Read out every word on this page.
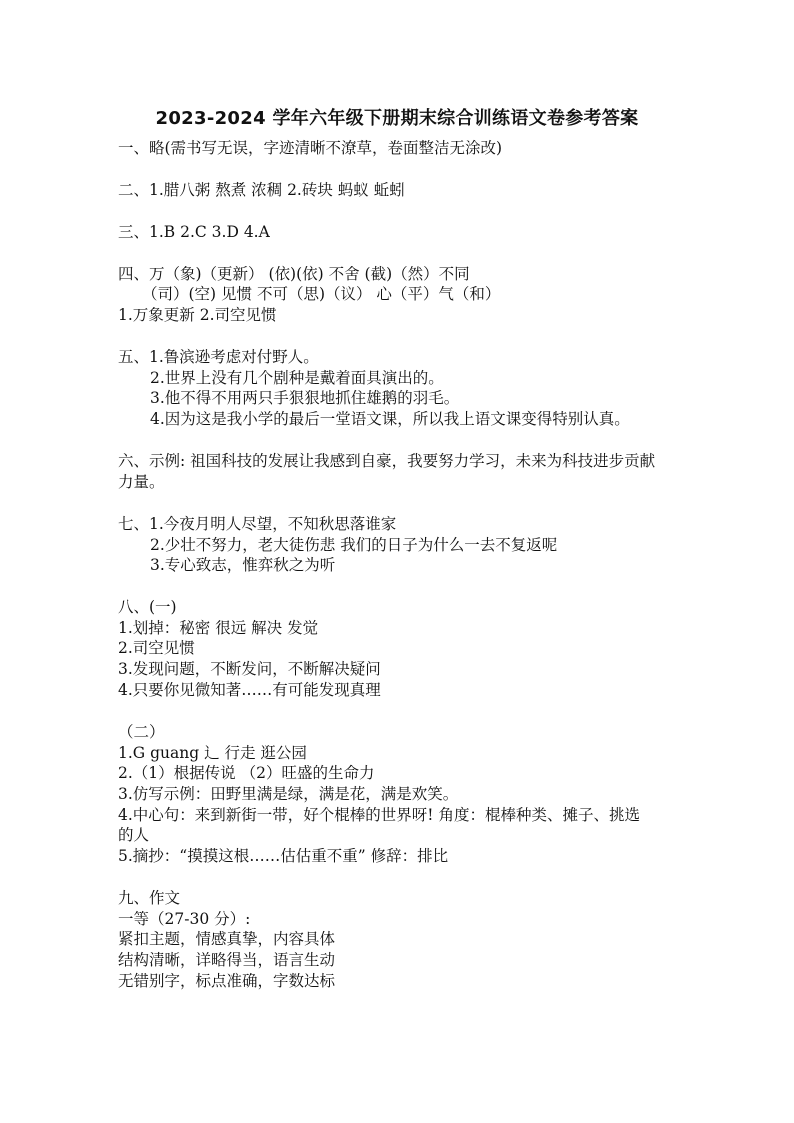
2023-2024 学年六年级下册期末综合训练语文卷参考答案
一、略(需书写无误，字迹清晰不潦草，卷面整洁无涂改)
二、1.腊八粥 熬煮 浓稠 2.砖块 蚂蚁 蚯蚓
三、1.B 2.C 3.D 4.A
四、万（象)（更新） (依)(依) 不舍 (截)（然）不同
（司）(空) 见惯 不可（思)（议） 心（平）气（和）
1.万象更新 2.司空见惯
五、1.鲁滨逊考虑对付野人。
2.世界上没有几个剧种是戴着面具演出的。
3.他不得不用两只手狠狠地抓住雄鹅的羽毛。
4.因为这是我小学的最后一堂语文课，所以我上语文课变得特别认真。
六、示例: 祖国科技的发展让我感到自豪，我要努力学习，未来为科技进步贡献
力量。
七、1.今夜月明人尽望，不知秋思落谁家
2.少壮不努力，老大徒伤悲 我们的日子为什么一去不复返呢
3.专心致志，惟弈秋之为听
八、(一)
1.划掉：秘密 很远 解决 发觉
2.司空见惯
3.发现问题，不断发问，不断解决疑问
4.只要你见微知著……有可能发现真理
（二）
1.G guang 辶 行走 逛公园
2.（1）根据传说 （2）旺盛的生命力
3.仿写示例：田野里满是绿，满是花，满是欢笑。
4.中心句：来到新街一带，好个棍棒的世界呀! 角度：棍棒种类、摊子、挑选
的人
5.摘抄：“摸摸这根……估估重不重” 修辞：排比
九、作文
一等（27-30 分）:
紧扣主题，情感真挚，内容具体
结构清晰，详略得当，语言生动
无错别字，标点准确，字数达标
